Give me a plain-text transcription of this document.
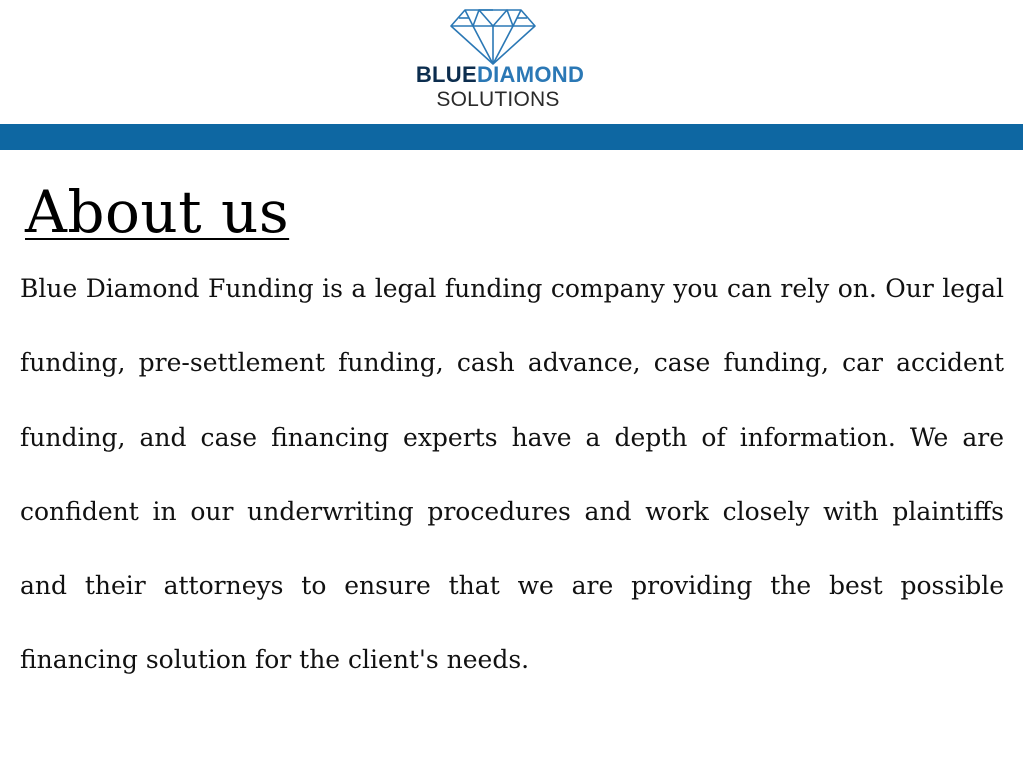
BLUEDIAMOND
SOLUTIONS
About us

Blue Diamond Funding is a legal funding company you can rely on. Our legal funding, pre-settlement funding, cash advance, case funding, car accident funding, and case financing experts have a depth of information. We are confident in our underwriting procedures and work closely with plaintiffs and their attorneys to ensure that we are providing the best possible financing solution for the client's needs.
